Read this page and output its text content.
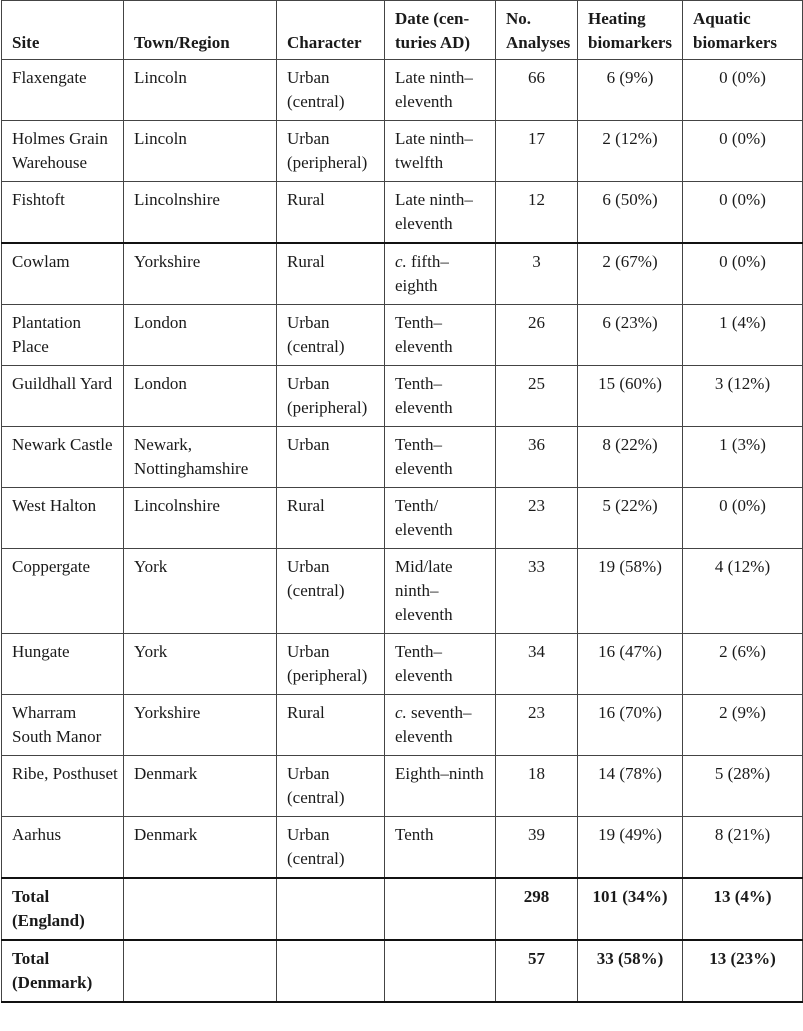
Site	Town/Region	Character	Date (cen-turies AD)	No. Analyses	Heating biomarkers	Aquatic biomarkers
Flaxengate	Lincoln	Urban (central)	Late ninth–eleventh	66	6 (9%)	0 (0%)
Holmes Grain Warehouse	Lincoln	Urban (peripheral)	Late ninth–twelfth	17	2 (12%)	0 (0%)
Fishtoft	Lincolnshire	Rural	Late ninth–eleventh	12	6 (50%)	0 (0%)
Cowlam	Yorkshire	Rural	c. fifth–eighth	3	2 (67%)	0 (0%)
Plantation Place	London	Urban (central)	Tenth–eleventh	26	6 (23%)	1 (4%)
Guildhall Yard	London	Urban (peripheral)	Tenth–eleventh	25	15 (60%)	3 (12%)
Newark Castle	Newark, Nottinghamshire	Urban	Tenth–eleventh	36	8 (22%)	1 (3%)
West Halton	Lincolnshire	Rural	Tenth/ eleventh	23	5 (22%)	0 (0%)
Coppergate	York	Urban (central)	Mid/late ninth–eleventh	33	19 (58%)	4 (12%)
Hungate	York	Urban (peripheral)	Tenth–eleventh	34	16 (47%)	2 (6%)
Wharram South Manor	Yorkshire	Rural	c. seventh–eleventh	23	16 (70%)	2 (9%)
Ribe, Posthuset	Denmark	Urban (central)	Eighth–ninth	18	14 (78%)	5 (28%)
Aarhus	Denmark	Urban (central)	Tenth	39	19 (49%)	8 (21%)
Total (England)				298	101 (34%)	13 (4%)
Total (Denmark)				57	33 (58%)	13 (23%)
